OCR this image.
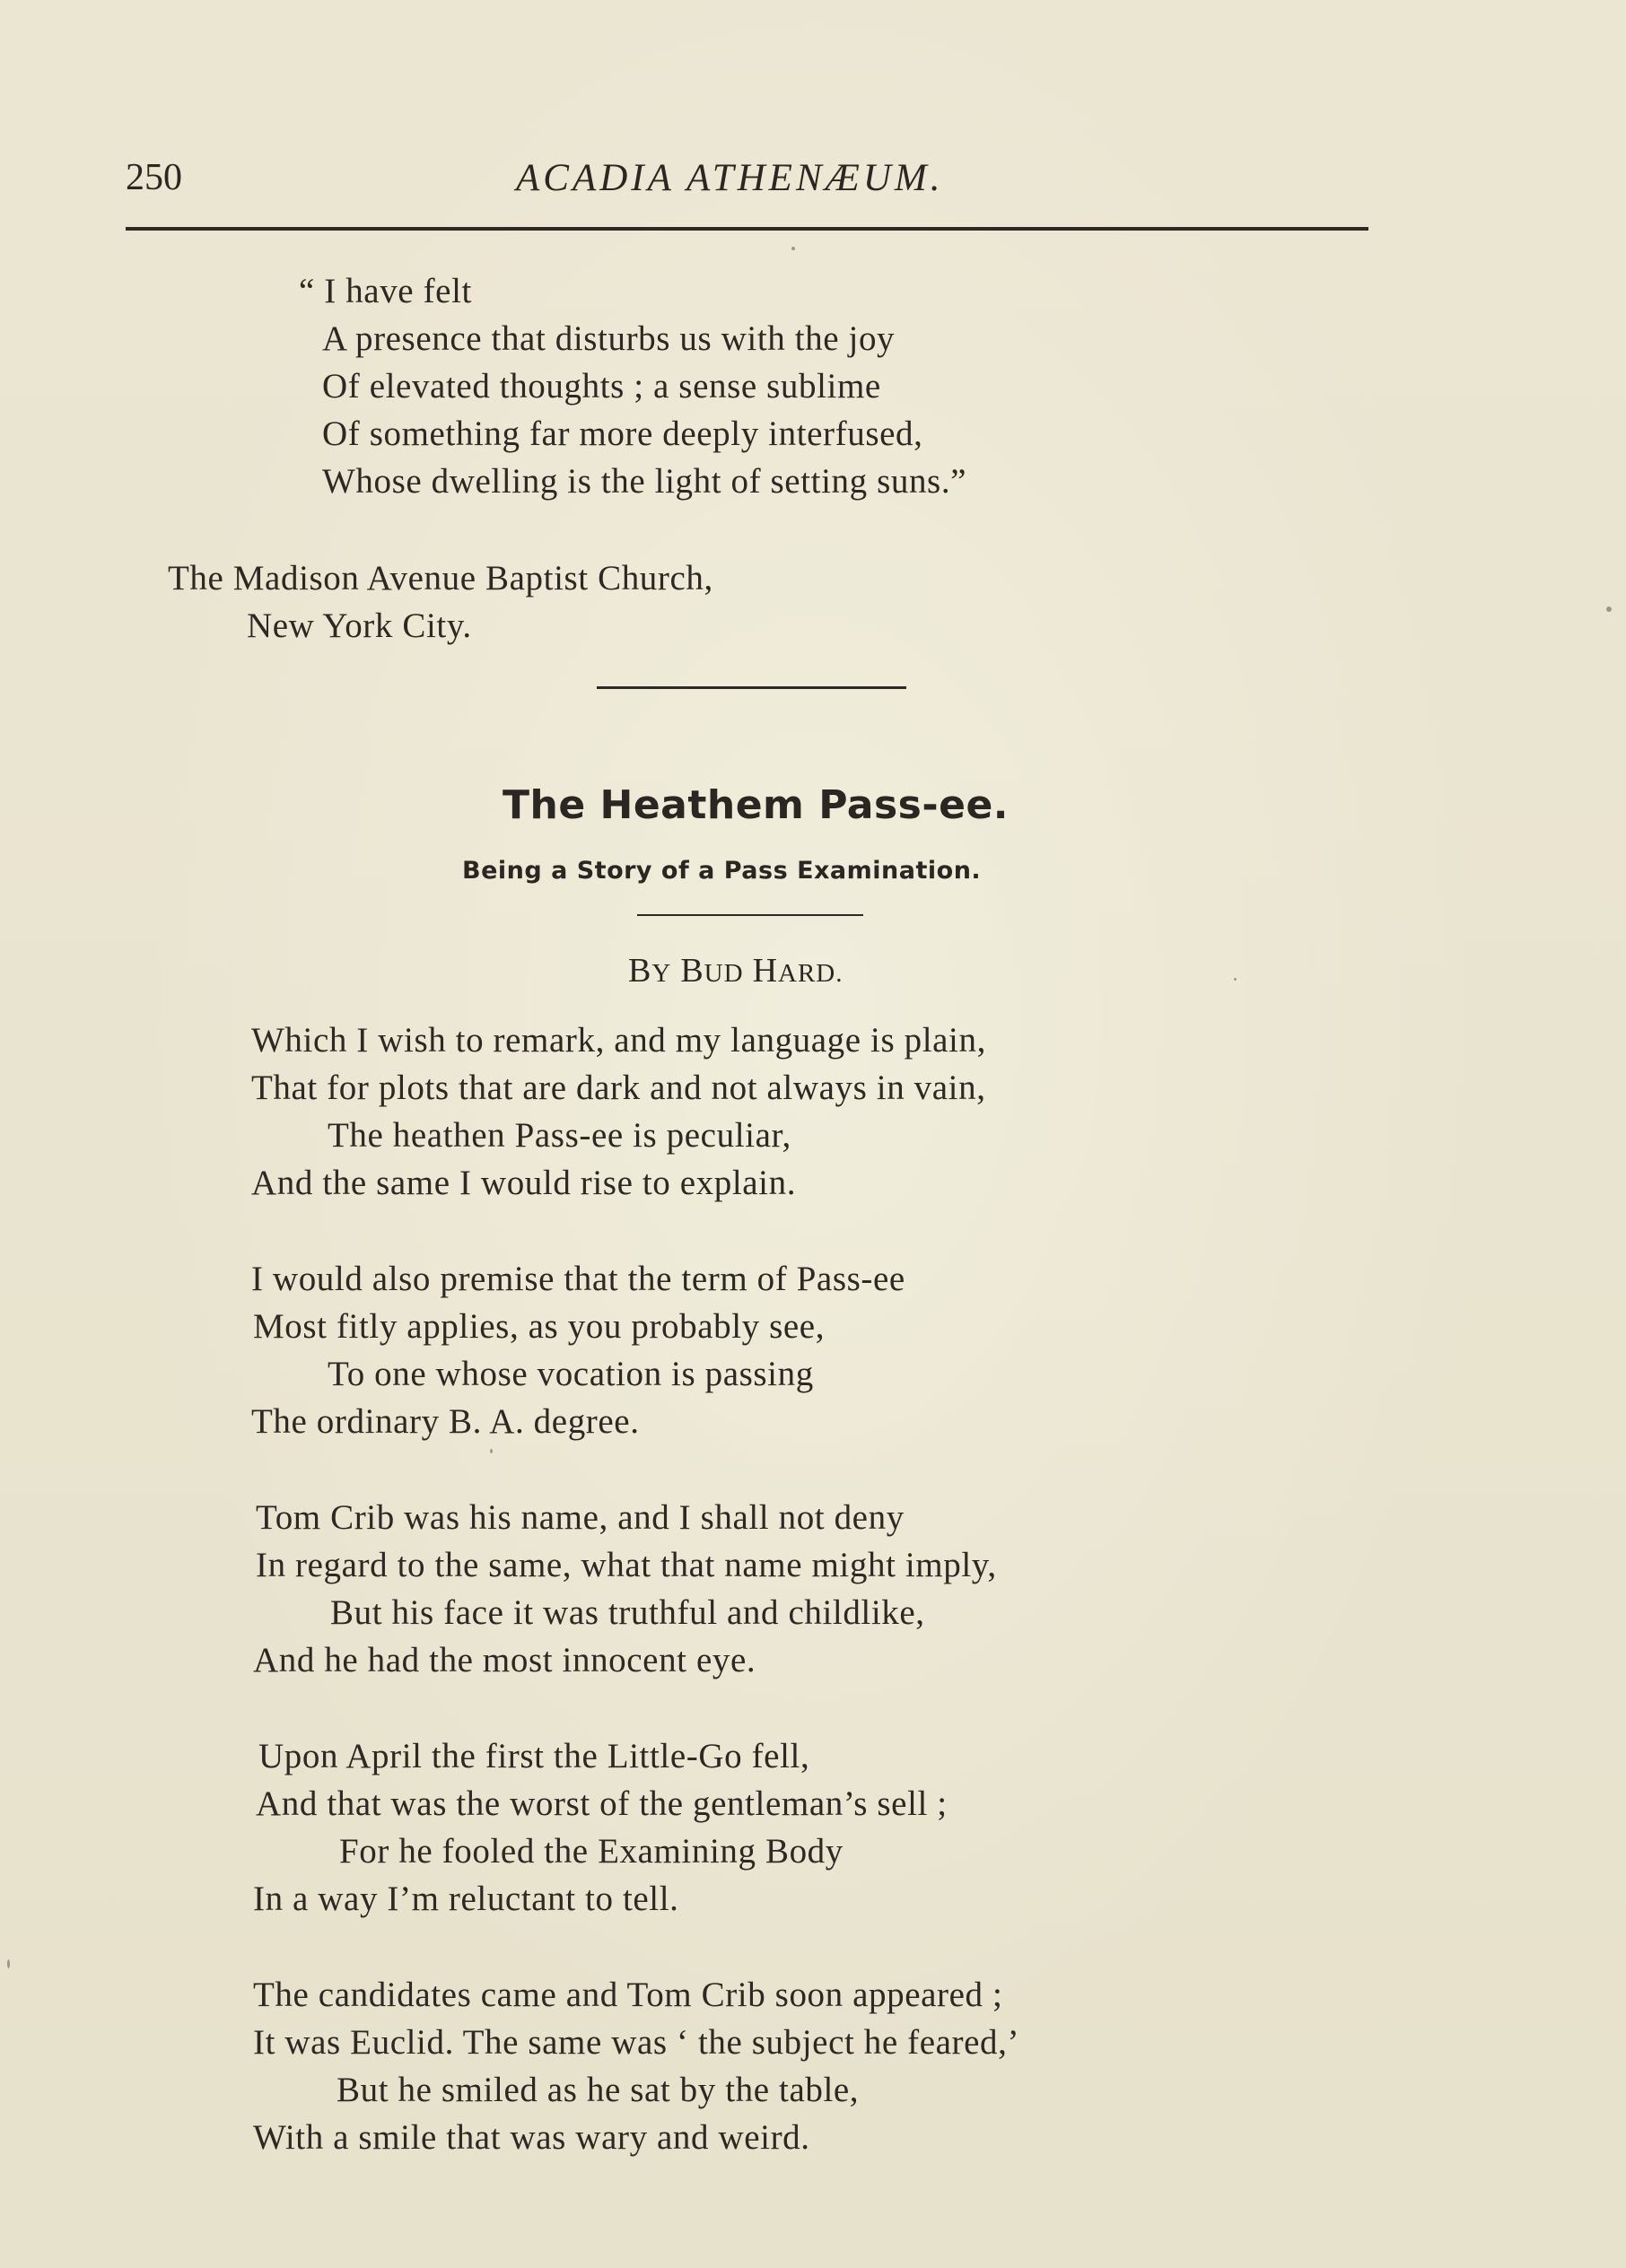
250	ACADIA ATHENÆUM.
“ I have felt
A presence that disturbs us with the joy
Of elevated thoughts ; a sense sublime
Of something far more deeply interfused,
Whose dwelling is the light of setting suns.”
The Madison Avenue Baptist Church,
New York City.
The Heathem Pass-ee.
Being a Story of a Pass Examination.
BY BUD HARD.
Which I wish to remark, and my language is plain,
That for plots that are dark and not always in vain,
The heathen Pass-ee is peculiar,
And the same I would rise to explain.
I would also premise that the term of Pass-ee
Most fitly applies, as you probably see,
To one whose vocation is passing
The ordinary B. A. degree.
Tom Crib was his name, and I shall not deny
In regard to the same, what that name might imply,
But his face it was truthful and childlike,
And he had the most innocent eye.
Upon April the first the Little-Go fell,
And that was the worst of the gentleman’s sell ;
For he fooled the Examining Body
In a way I’m reluctant to tell.
The candidates came and Tom Crib soon appeared ;
It was Euclid. The same was ‘ the subject he feared,’
But he smiled as he sat by the table,
With a smile that was wary and weird.
